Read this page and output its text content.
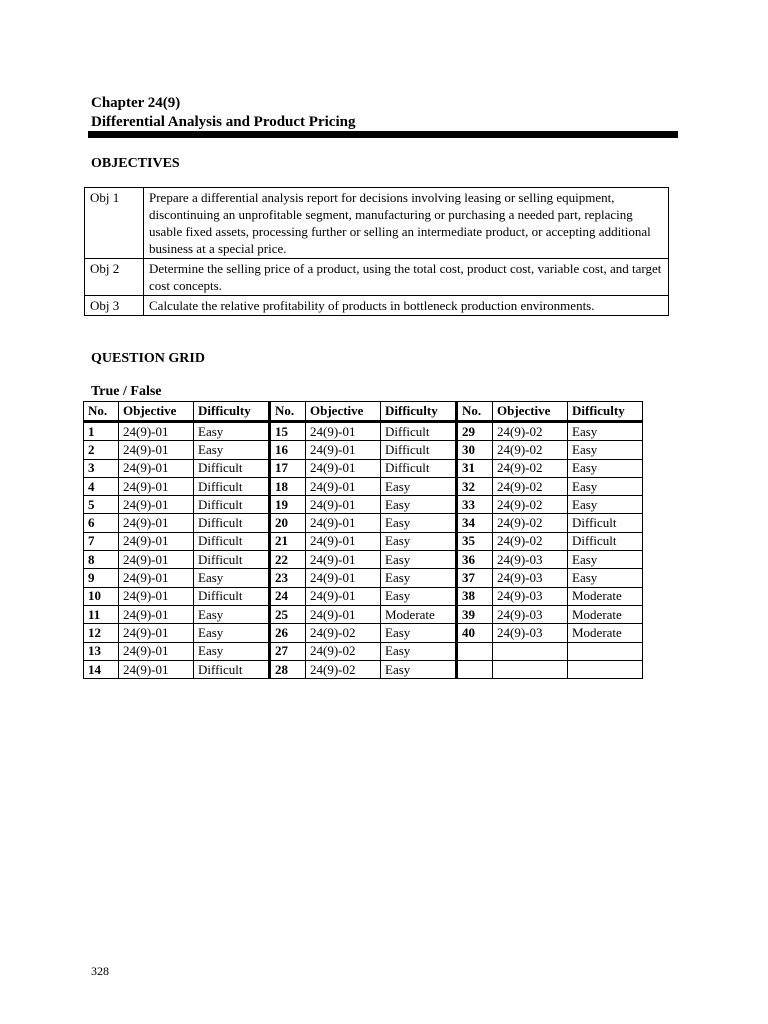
Chapter 24(9)
Differential Analysis and Product Pricing
OBJECTIVES
Obj 1	Prepare a differential analysis report for decisions involving leasing or selling equipment, discontinuing an unprofitable segment, manufacturing or purchasing a needed part, replacing usable fixed assets, processing further or selling an intermediate product, or accepting additional business at a special price.
Obj 2	Determine the selling price of a product, using the total cost, product cost, variable cost, and target cost concepts.
Obj 3	Calculate the relative profitability of products in bottleneck production environments.
QUESTION GRID
True / False
No.	Objective	Difficulty	No.	Objective	Difficulty	No.	Objective	Difficulty
1	24(9)-01	Easy	15	24(9)-01	Difficult	29	24(9)-02	Easy
2	24(9)-01	Easy	16	24(9)-01	Difficult	30	24(9)-02	Easy
3	24(9)-01	Difficult	17	24(9)-01	Difficult	31	24(9)-02	Easy
4	24(9)-01	Difficult	18	24(9)-01	Easy	32	24(9)-02	Easy
5	24(9)-01	Difficult	19	24(9)-01	Easy	33	24(9)-02	Easy
6	24(9)-01	Difficult	20	24(9)-01	Easy	34	24(9)-02	Difficult
7	24(9)-01	Difficult	21	24(9)-01	Easy	35	24(9)-02	Difficult
8	24(9)-01	Difficult	22	24(9)-01	Easy	36	24(9)-03	Easy
9	24(9)-01	Easy	23	24(9)-01	Easy	37	24(9)-03	Easy
10	24(9)-01	Difficult	24	24(9)-01	Easy	38	24(9)-03	Moderate
11	24(9)-01	Easy	25	24(9)-01	Moderate	39	24(9)-03	Moderate
12	24(9)-01	Easy	26	24(9)-02	Easy	40	24(9)-03	Moderate
13	24(9)-01	Easy	27	24(9)-02	Easy			
14	24(9)-01	Difficult	28	24(9)-02	Easy			
328
